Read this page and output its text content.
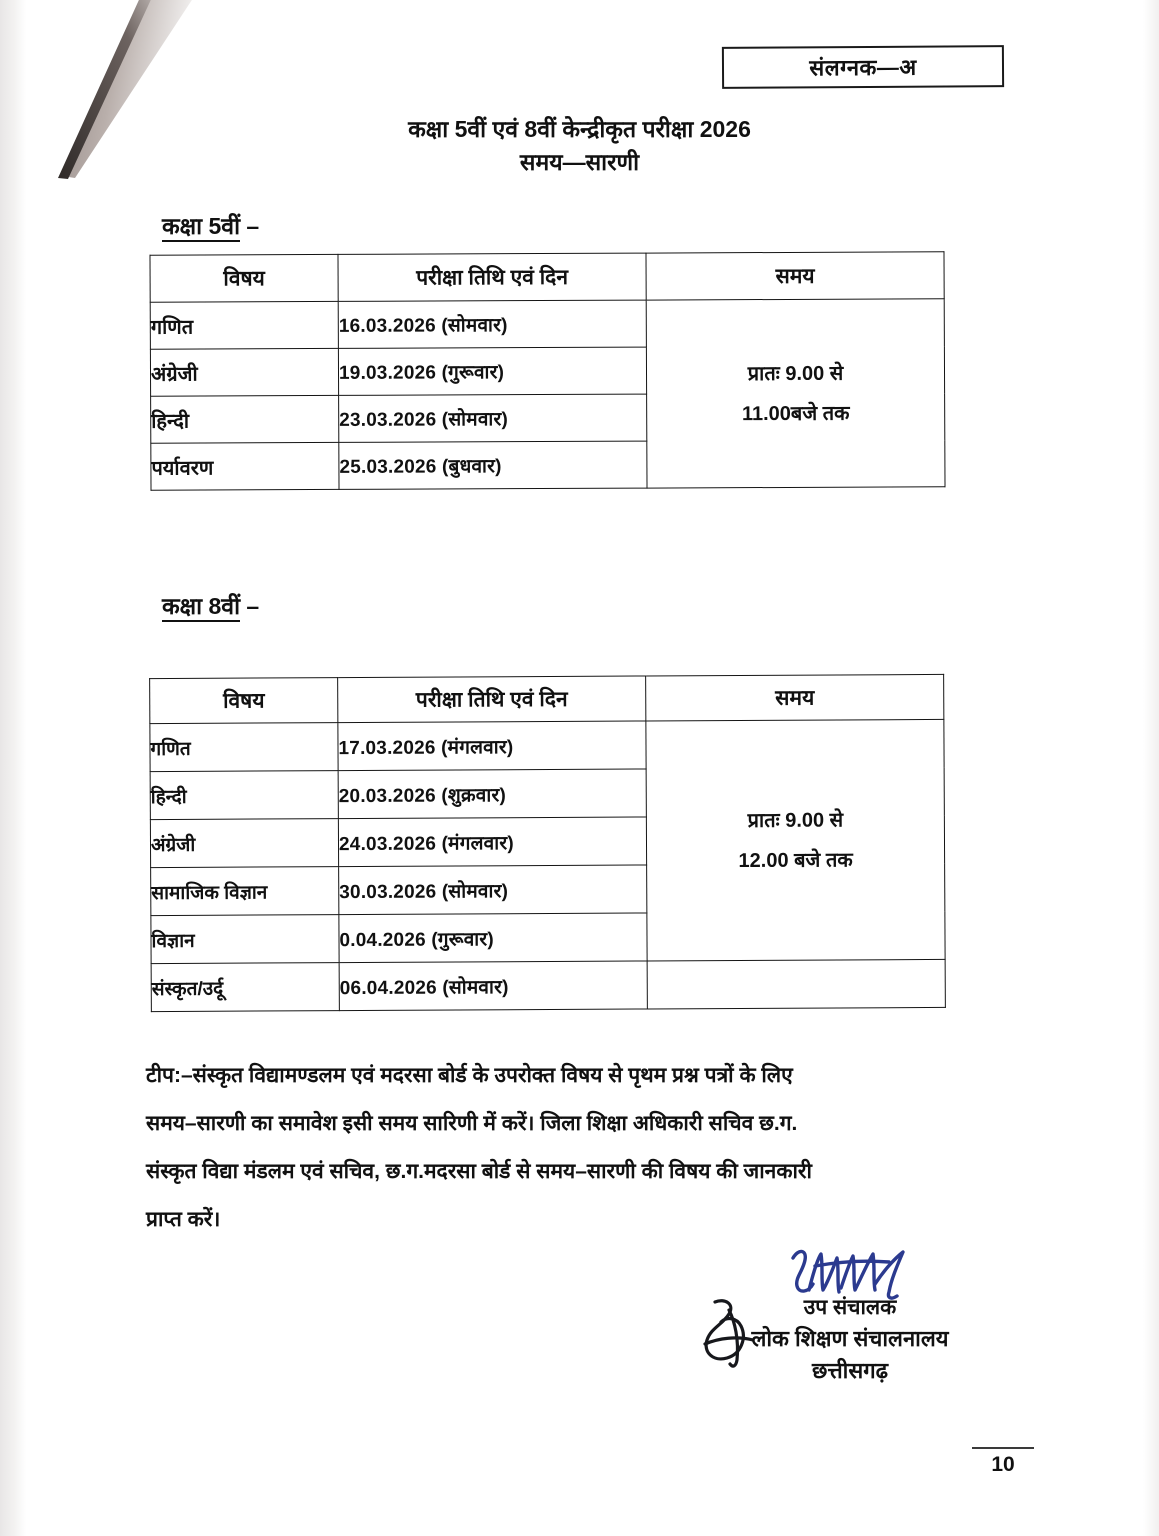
संलग्नक—अ
कक्षा 5वीं एवं 8वीं केन्द्रीकृत परीक्षा 2026
समय—सारणी
कक्षा 5वीं –
विषय	परीक्षा तिथि एवं दिन	समय
गणित	16.03.2026 (सोमवार)	प्रातः 9.00 से
11.00बजे तक

अंग्रेजी	19.03.2026 (गुरूवार)	
हिन्दी	23.03.2026 (सोमवार)	
पर्यावरण	25.03.2026 (बुधवार)	
कक्षा 8वीं –
विषय	परीक्षा तिथि एवं दिन	समय
गणित	17.03.2026 (मंगलवार)	प्रातः 9.00 से
12.00 बजे तक

हिन्दी	20.03.2026 (शुक्रवार)	
अंग्रेजी	24.03.2026 (मंगलवार)	
सामाजिक विज्ञान	30.03.2026 (सोमवार)	
विज्ञान	0.04.2026 (गुरूवार)	
संस्कृत/उर्दू	06.04.2026 (सोमवार)	
टीप:–संस्कृत विद्यामण्डलम एवं मदरसा बोर्ड के उपरोक्त विषय से पृथम प्रश्न पत्रों के लिए
समय–सारणी का समावेश इसी समय सारिणी में करें। जिला शिक्षा अधिकारी सचिव छ.ग.
संस्कृत विद्या मंडलम एवं सचिव, छ.ग.मदरसा बोर्ड से समय–सारणी की विषय की जानकारी
प्राप्त करें।
उप संचालक
लोक शिक्षण संचालनालय
छत्तीसगढ़
10
